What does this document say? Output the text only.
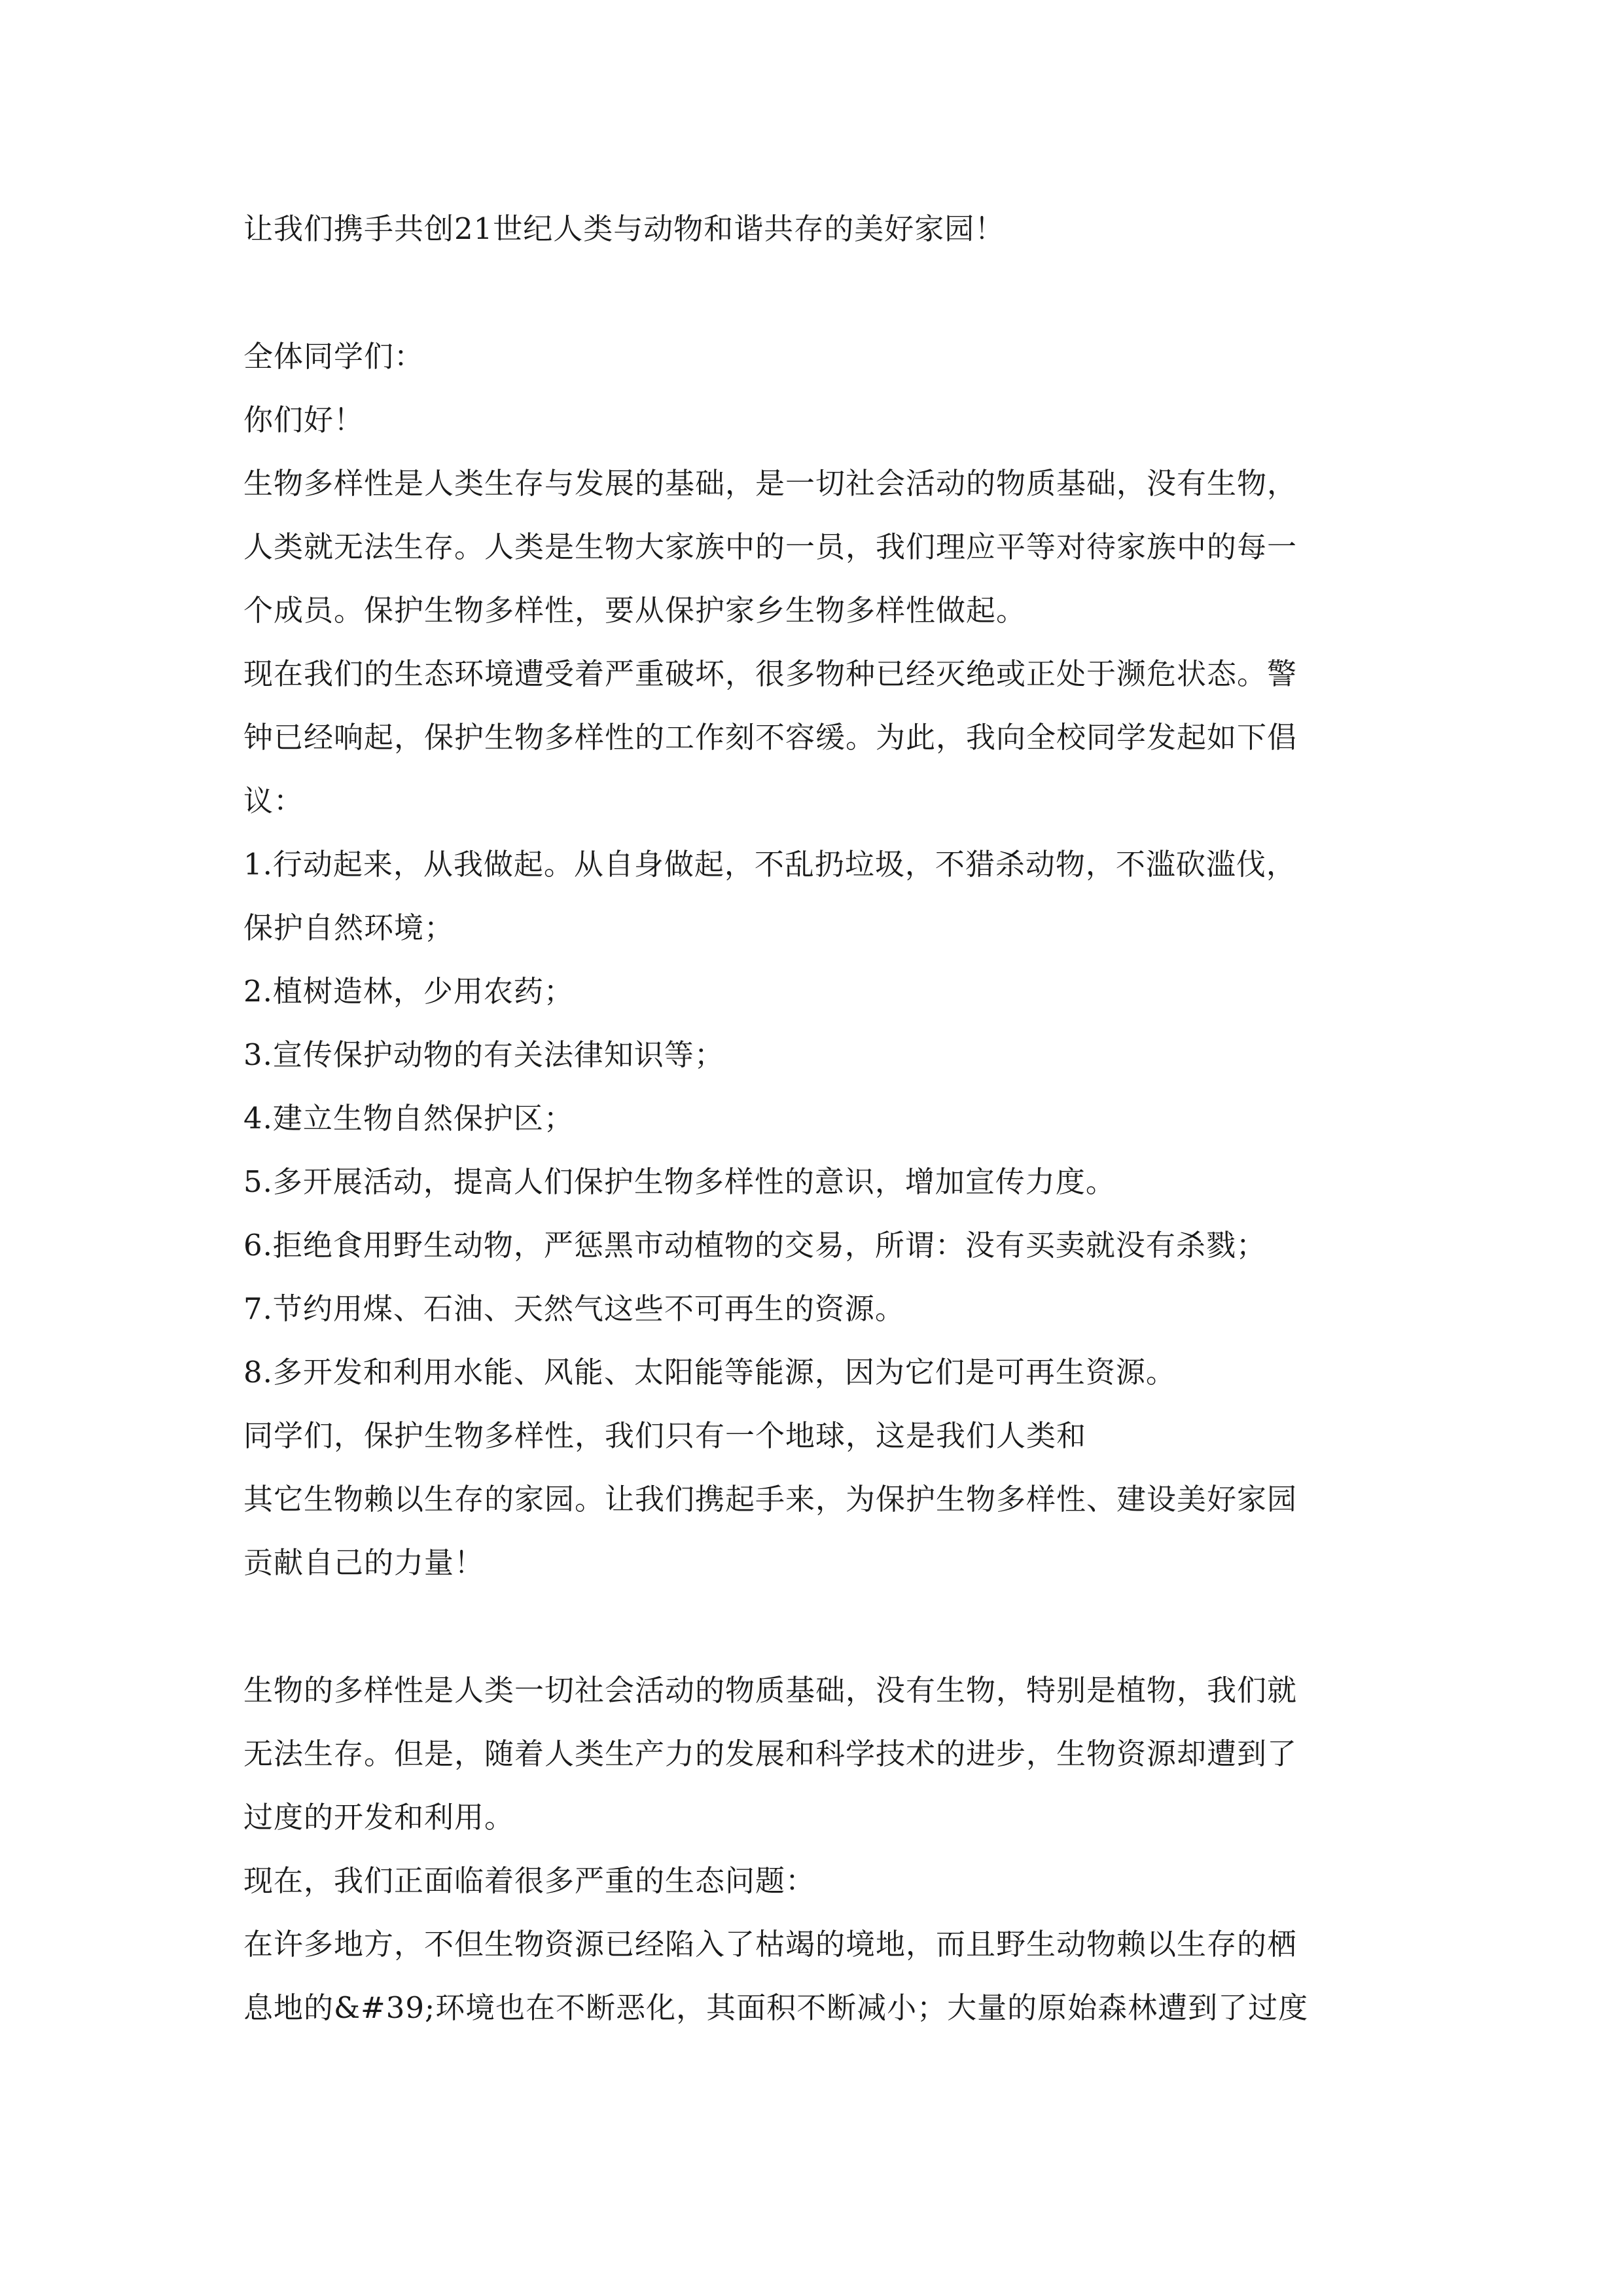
让我们携手共创21世纪人类与动物和谐共存的美好家园！
全体同学们：
你们好！
生物多样性是人类生存与发展的基础，是一切社会活动的物质基础，没有生物，
人类就无法生存。人类是生物大家族中的一员，我们理应平等对待家族中的每一
个成员。保护生物多样性，要从保护家乡生物多样性做起。
现在我们的生态环境遭受着严重破坏，很多物种已经灭绝或正处于濒危状态。警
钟已经响起，保护生物多样性的工作刻不容缓。为此，我向全校同学发起如下倡
议：
1.行动起来，从我做起。从自身做起，不乱扔垃圾，不猎杀动物，不滥砍滥伐，
保护自然环境；
2.植树造林，少用农药；
3.宣传保护动物的有关法律知识等；
4.建立生物自然保护区；
5.多开展活动，提高人们保护生物多样性的意识，增加宣传力度。
6.拒绝食用野生动物，严惩黑市动植物的交易，所谓：没有买卖就没有杀戮；
7.节约用煤、石油、天然气这些不可再生的资源。
8.多开发和利用水能、风能、太阳能等能源，因为它们是可再生资源。
同学们，保护生物多样性，我们只有一个地球，这是我们人类和
其它生物赖以生存的家园。让我们携起手来，为保护生物多样性、建设美好家园
贡献自己的力量！
生物的多样性是人类一切社会活动的物质基础，没有生物，特别是植物，我们就
无法生存。但是，随着人类生产力的发展和科学技术的进步，生物资源却遭到了
过度的开发和利用。
现在，我们正面临着很多严重的生态问题：
在许多地方，不但生物资源已经陷入了枯竭的境地，而且野生动物赖以生存的栖
息地的&#39;环境也在不断恶化，其面积不断减小；大量的原始森林遭到了过度
